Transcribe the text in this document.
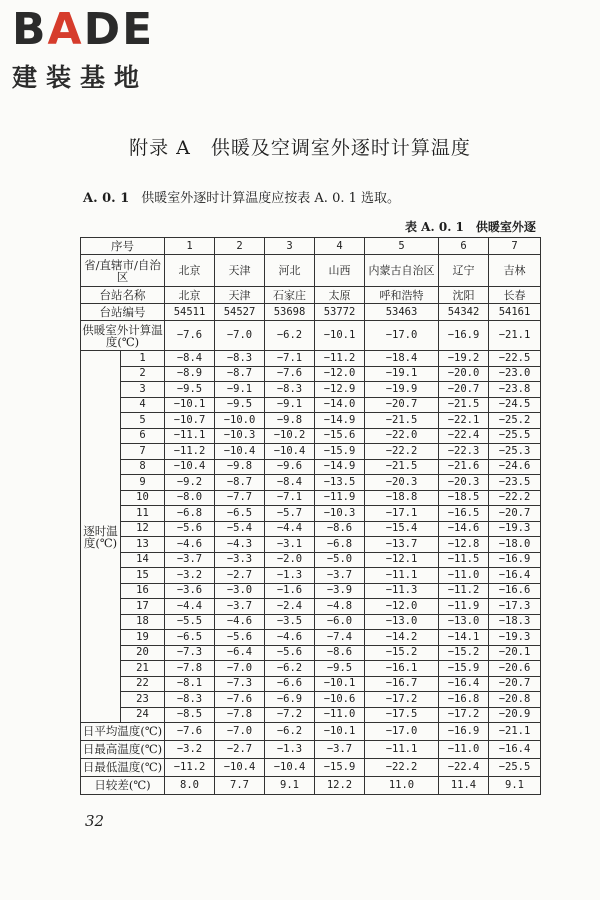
BADE
建装基地
附录 A　供暖及空调室外逐时计算温度
A. 0. 1 供暖室外逐时计算温度应按表 A. 0. 1 选取。
表 A. 0. 1　供暖室外逐
序号		1	2	3	4	5	6	7
省/直辖市/自治区		北京	天津	河北	山西	内蒙古自治区	辽宁	吉林
台站名称		北京	天津	石家庄	太原	呼和浩特	沈阳	长春
台站编号		54511	54527	53698	53772	53463	54342	54161
供暖室外计算温度(℃)		−7.6	−7.0	−6.2	−10.1	−17.0	−16.9	−21.1
逐时温度(℃)	1	−8.4	−8.3	−7.1	−11.2	−18.4	−19.2	−22.5
	2	−8.9	−8.7	−7.6	−12.0	−19.1	−20.0	−23.0
	3	−9.5	−9.1	−8.3	−12.9	−19.9	−20.7	−23.8
	4	−10.1	−9.5	−9.1	−14.0	−20.7	−21.5	−24.5
	5	−10.7	−10.0	−9.8	−14.9	−21.5	−22.1	−25.2
	6	−11.1	−10.3	−10.2	−15.6	−22.0	−22.4	−25.5
	7	−11.2	−10.4	−10.4	−15.9	−22.2	−22.3	−25.3
	8	−10.4	−9.8	−9.6	−14.9	−21.5	−21.6	−24.6
	9	−9.2	−8.7	−8.4	−13.5	−20.3	−20.3	−23.5
	10	−8.0	−7.7	−7.1	−11.9	−18.8	−18.5	−22.2
	11	−6.8	−6.5	−5.7	−10.3	−17.1	−16.5	−20.7
	12	−5.6	−5.4	−4.4	−8.6	−15.4	−14.6	−19.3
	13	−4.6	−4.3	−3.1	−6.8	−13.7	−12.8	−18.0
	14	−3.7	−3.3	−2.0	−5.0	−12.1	−11.5	−16.9
	15	−3.2	−2.7	−1.3	−3.7	−11.1	−11.0	−16.4
	16	−3.6	−3.0	−1.6	−3.9	−11.3	−11.2	−16.6
	17	−4.4	−3.7	−2.4	−4.8	−12.0	−11.9	−17.3
	18	−5.5	−4.6	−3.5	−6.0	−13.0	−13.0	−18.3
	19	−6.5	−5.6	−4.6	−7.4	−14.2	−14.1	−19.3
	20	−7.3	−6.4	−5.6	−8.6	−15.2	−15.2	−20.1
	21	−7.8	−7.0	−6.2	−9.5	−16.1	−15.9	−20.6
	22	−8.1	−7.3	−6.6	−10.1	−16.7	−16.4	−20.7
	23	−8.3	−7.6	−6.9	−10.6	−17.2	−16.8	−20.8
	24	−8.5	−7.8	−7.2	−11.0	−17.5	−17.2	−20.9
日平均温度(℃)		−7.6	−7.0	−6.2	−10.1	−17.0	−16.9	−21.1
日最高温度(℃)		−3.2	−2.7	−1.3	−3.7	−11.1	−11.0	−16.4
日最低温度(℃)		−11.2	−10.4	−10.4	−15.9	−22.2	−22.4	−25.5
日较差(℃)		8.0	7.7	9.1	12.2	11.0	11.4	9.1
32
